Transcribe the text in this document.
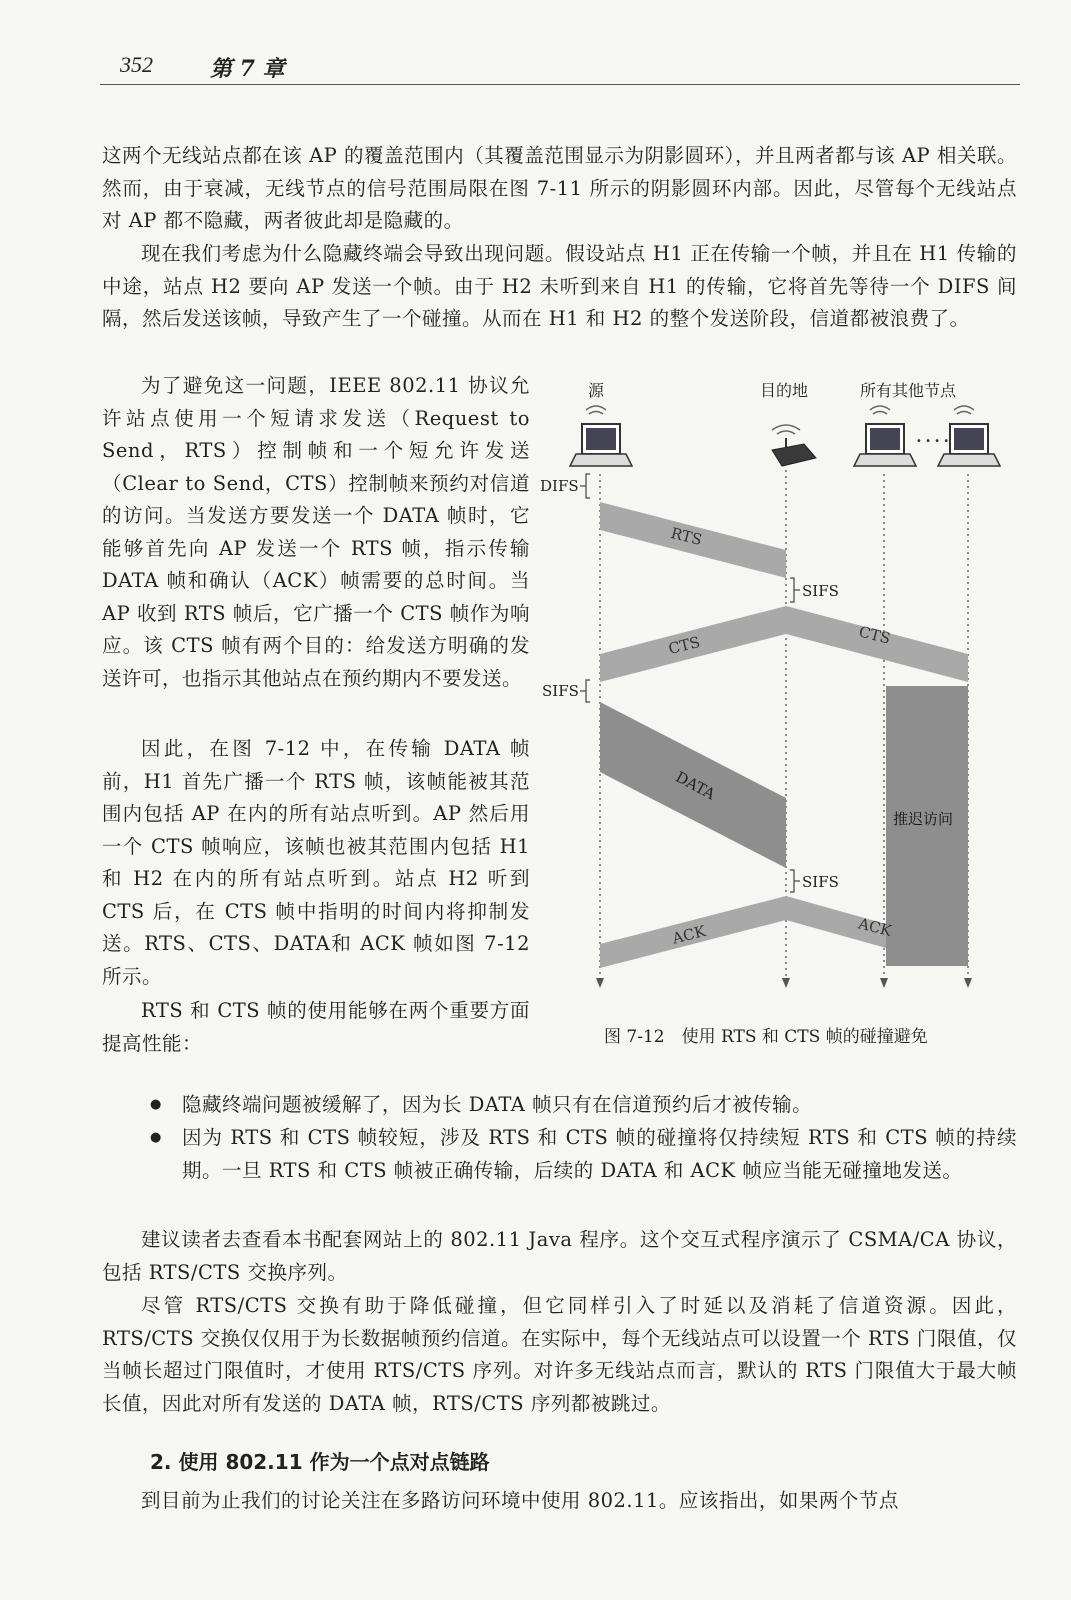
352	第 7 章

这两个无线站点都在该 AP 的覆盖范围内（其覆盖范围显示为阴影圆环），并且两者都与该 AP 相关联。然而，由于衰减，无线节点的信号范围局限在图 7-11 所示的阴影圆环内部。因此，尽管每个无线站点对 AP 都不隐藏，两者彼此却是隐藏的。

现在我们考虑为什么隐藏终端会导致出现问题。假设站点 H1 正在传输一个帧，并且在 H1 传输的中途，站点 H2 要向 AP 发送一个帧。由于 H2 未听到来自 H1 的传输，它将首先等待一个 DIFS 间隔，然后发送该帧，导致产生了一个碰撞。从而在 H1 和 H2 的整个发送阶段，信道都被浪费了。

为了避免这一问题，IEEE 802.11 协议允许站点使用一个短请求发送（Request to Send，RTS）控制帧和一个短允许发送（Clear to Send，CTS）控制帧来预约对信道的访问。当发送方要发送一个 DATA 帧时，它能够首先向 AP 发送一个 RTS 帧，指示传输 DATA 帧和确认（ACK）帧需要的总时间。当 AP 收到 RTS 帧后，它广播一个 CTS 帧作为响应。该 CTS 帧有两个目的：给发送方明确的发送许可，也指示其他站点在预约期内不要发送。

因此，在图 7-12 中，在传输 DATA 帧前，H1 首先广播一个 RTS 帧，该帧能被其范围内包括 AP 在内的所有站点听到。AP 然后用一个 CTS 帧响应，该帧也被其范围内包括 H1 和 H2 在内的所有站点听到。站点 H2 听到 CTS 后，在 CTS 帧中指明的时间内将抑制发送。RTS、CTS、DATA和 ACK 帧如图 7-12 所示。

RTS 和 CTS 帧的使用能够在两个重要方面提高性能：

● 隐藏终端问题被缓解了，因为长 DATA 帧只有在信道预约后才被传输。
● 因为 RTS 和 CTS 帧较短，涉及 RTS 和 CTS 帧的碰撞将仅持续短 RTS 和 CTS 帧的持续期。一旦 RTS 和 CTS 帧被正确传输，后续的 DATA 和 ACK 帧应当能无碰撞地发送。

建议读者去查看本书配套网站上的 802.11 Java 程序。这个交互式程序演示了 CSMA/CA 协议，包括 RTS/CTS 交换序列。

尽管 RTS/CTS 交换有助于降低碰撞，但它同样引入了时延以及消耗了信道资源。因此，RTS/CTS 交换仅仅用于为长数据帧预约信道。在实际中，每个无线站点可以设置一个 RTS 门限值，仅当帧长超过门限值时，才使用 RTS/CTS 序列。对许多无线站点而言，默认的 RTS 门限值大于最大帧长值，因此对所有发送的 DATA 帧，RTS/CTS 序列都被跳过。

2. 使用 802.11 作为一个点对点链路

到目前为止我们的讨论关注在多路访问环境中使用 802.11。应该指出，如果两个节点

源	目的地	所有其他节点
• • • •
DIFS
RTS
SIFS
CTS	CTS
SIFS
DATA
推迟访问
SIFS
ACK	ACK

图 7-12　使用 RTS 和 CTS 帧的碰撞避免
